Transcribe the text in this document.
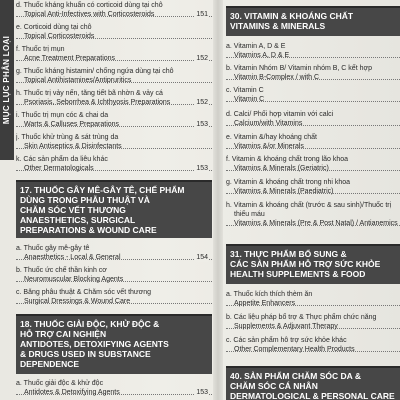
MỤC LỤC PHÂN LOẠI
d. Thuốc kháng khuẩn có corticoid dùng tại chỗ
Topical Anti-Infectives with Corticosteroids	151
e. Corticoid dùng tại chỗ
Topical Corticosteroids
f. Thuốc trị mụn
Acne Treatment Preparations	152
g. Thuốc kháng histamin/ chống ngứa dùng tại chỗ
Topical Antihistamines/Antipruritics
h. Thuốc trị vảy nến, tăng tiết bã nhờn & vảy cá
Psoriasis, Seborrhea & Ichthyosis Preparations	152
i. Thuốc trị mụn cóc & chai da
Warts & Calluses Preparations	153
j. Thuốc khử trùng & sát trùng da
Skin Antiseptics & Disinfectants
k. Các sản phẩm da liễu khác
Other Dermatologicals	153
17. THUỐC GÂY MÊ-GÂY TÊ, CHẾ PHẨM
DÙNG TRONG PHẪU THUẬT VÀ
CHĂM SÓC VẾT THƯƠNG
ANAESTHETICS, SURGICAL
PREPARATIONS & WOUND CARE
a. Thuốc gây mê-gây tê
Anaesthetics - Local & General	154
b. Thuốc ức chế thần kinh cơ
Neuromuscular Blocking Agents
c. Băng phẫu thuật & Chăm sóc vết thương
Surgical Dressings & Wound Care
18. THUỐC GIẢI ĐỘC, KHỬ ĐỘC &
HỖ TRỢ CAI NGHIỆN
ANTIDOTES, DETOXIFYING AGENTS
& DRUGS USED IN SUBSTANCE
DEPENDENCE
a. Thuốc giải độc & khử độc
Antidotes & Detoxifying Agents	153
30. VITAMIN & KHOÁNG CHẤT
VITAMINS & MINERALS
a. Vitamin A, D & E
Vitamins A, D & E
b. Vitamin Nhóm B/ Vitamin nhóm B, C kết hợp
Vitamin B-Complex / with C
c. Vitamin C
Vitamin C
d. Calci/ Phối hợp vitamin với calci
Calcium/with Vitamins
e. Vitamin &/hay khoáng chất
Vitamins &/or Minerals
f. Vitamin & khoáng chất trong lão khoa
Vitamins & Minerals (Geriatric)
g. Vitamin & khoáng chất trong nhi khoa
Vitamins & Minerals (Paediatric)
h. Vitamin & khoáng chất (trước & sau sinh)/Thuốc trị
thiếu máu
Vitamins & Minerals (Pre & Post Natal) / Antianemics
31. THỰC PHẨM BỔ SUNG &
CÁC SẢN PHẨM HỖ TRỢ SỨC KHỎE
HEALTH SUPPLEMENTS & FOOD
a. Thuốc kích thích thèm ăn
Appetite Enhancers
b. Các liệu pháp bổ trợ & Thực phẩm chức năng
Supplements & Adjuvant Therapy
c. Các sản phẩm hỗ trợ sức khỏe khác
Other Complementary Health Products
40. SẢN PHẨM CHĂM SÓC DA &
CHĂM SÓC CÁ NHÂN
DERMATOLOGICAL & PERSONAL CARE
